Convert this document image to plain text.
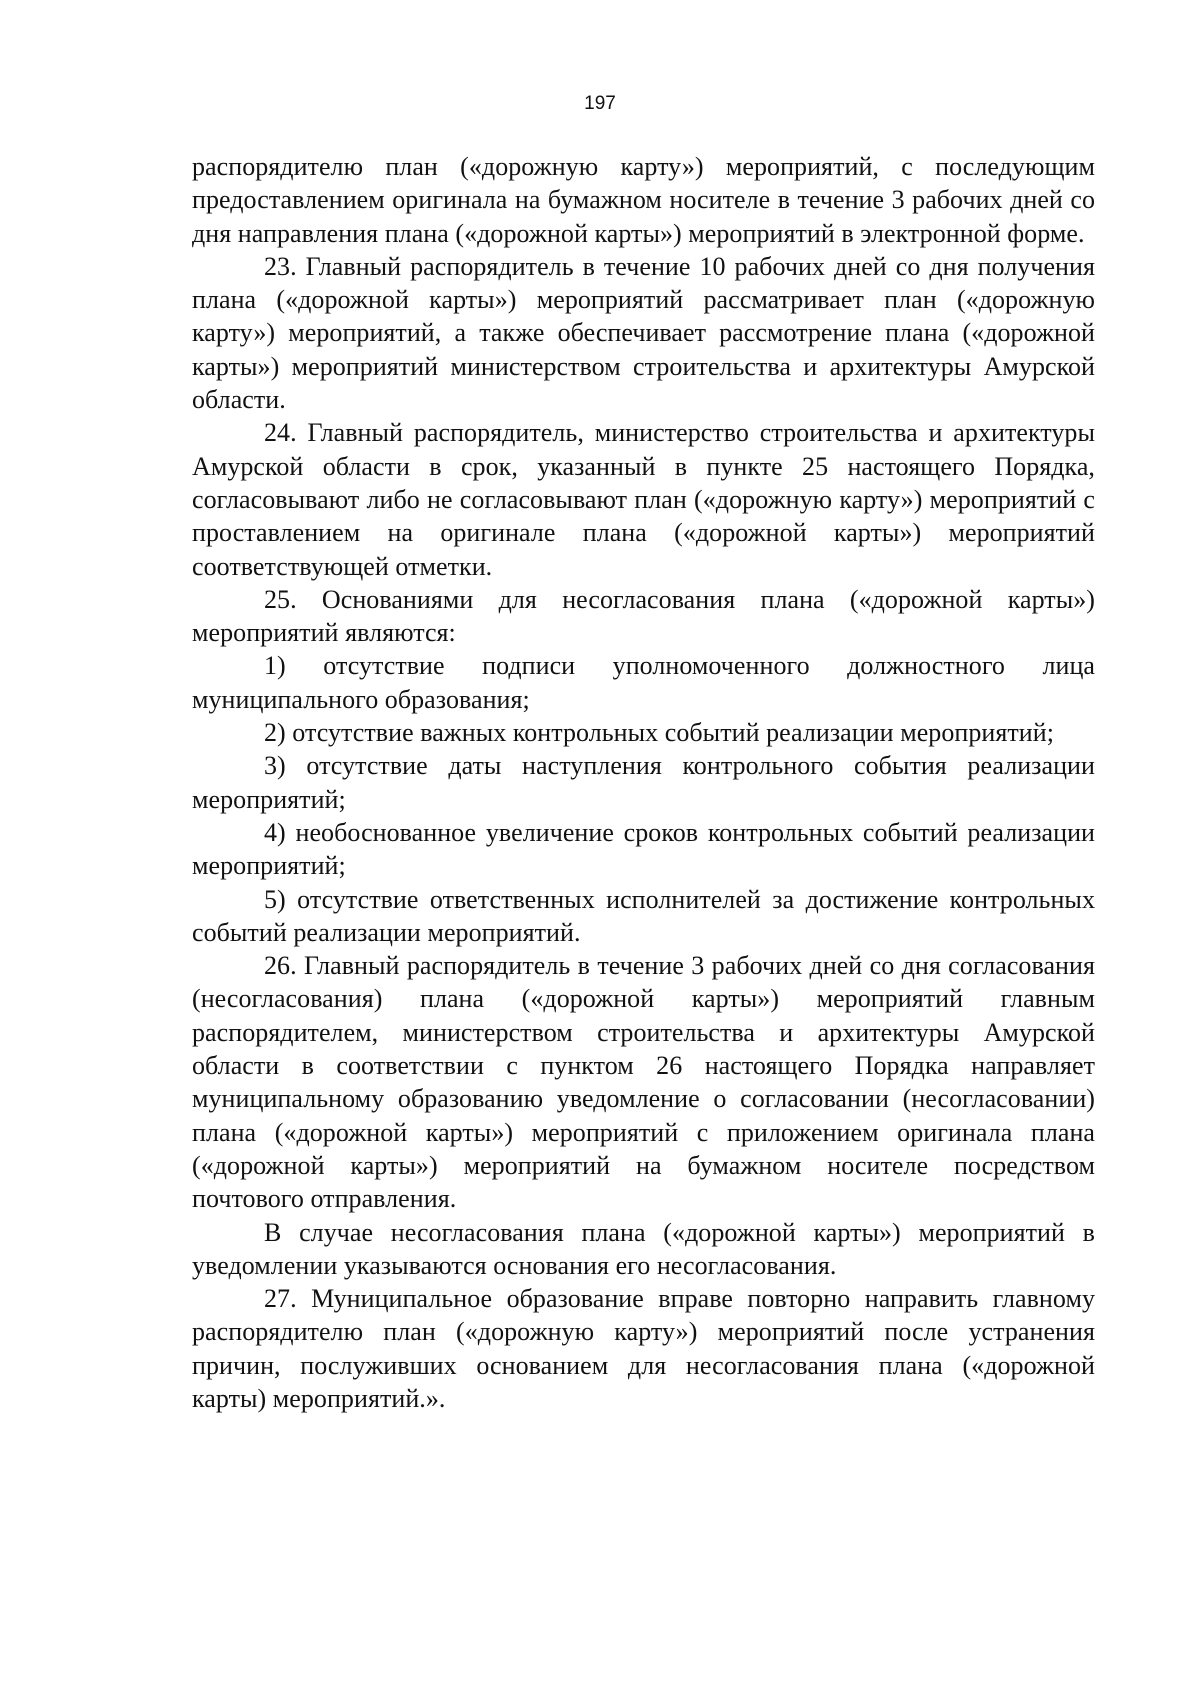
197

распорядителю план («дорожную карту») мероприятий, с последующим предоставлением оригинала на бумажном носителе в течение 3 рабочих дней со дня направления плана («дорожной карты») мероприятий в электронной форме.

23. Главный распорядитель в течение 10 рабочих дней со дня получения плана («дорожной карты») мероприятий рассматривает план («дорожную карту») мероприятий, а также обеспечивает рассмотрение плана («дорожной карты») мероприятий министерством строительства и архитектуры Амурской области.

24. Главный распорядитель, министерство строительства и архитектуры Амурской области в срок, указанный в пункте 25 настоящего Порядка, согласовывают либо не согласовывают план («дорожную карту») мероприятий с проставлением на оригинале плана («дорожной карты») мероприятий соответствующей отметки.

25. Основаниями для несогласования плана («дорожной карты») мероприятий являются:

1) отсутствие подписи уполномоченного должностного лица муниципального образования;

2) отсутствие важных контрольных событий реализации мероприятий;

3) отсутствие даты наступления контрольного события реализации мероприятий;

4) необоснованное увеличение сроков контрольных событий реализации мероприятий;

5) отсутствие ответственных исполнителей за достижение контрольных событий реализации мероприятий.

26. Главный распорядитель в течение 3 рабочих дней со дня согласования (несогласования) плана («дорожной карты») мероприятий главным распорядителем, министерством строительства и архитектуры Амурской области в соответствии с пунктом 26 настоящего Порядка направляет муниципальному образованию уведомление о согласовании (несогласовании) плана («дорожной карты») мероприятий с приложением оригинала плана («дорожной карты») мероприятий на бумажном носителе посредством почтового отправления.

В случае несогласования плана («дорожной карты») мероприятий в уведомлении указываются основания его несогласования.

27. Муниципальное образование вправе повторно направить главному распорядителю план («дорожную карту») мероприятий после устранения причин, послуживших основанием для несогласования плана («дорожной карты) мероприятий.».
